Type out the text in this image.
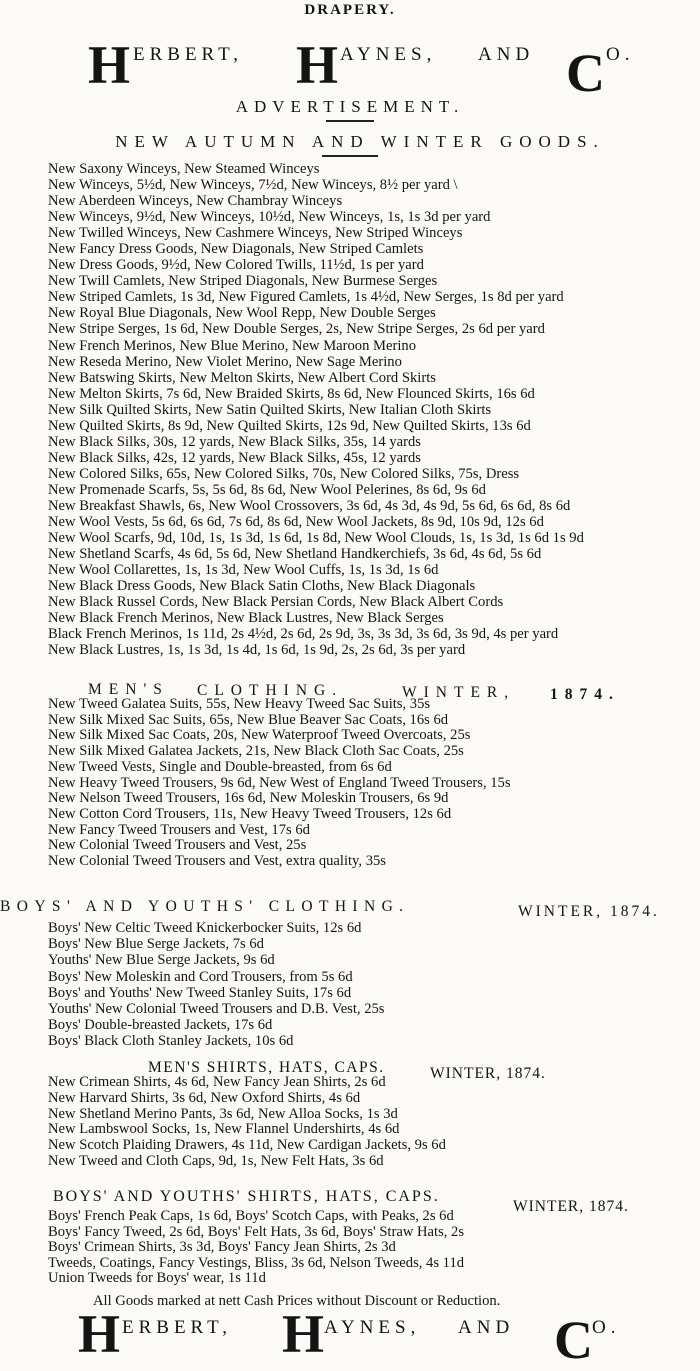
DRAPERY.
H ERBERT, H AYNES, AND C O.
ADVERTISEMENT.
NEW AUTUMN AND WINTER GOODS.
New Saxony Winceys, New Steamed Winceys
New Winceys, 5½d, New Winceys, 7½d, New Winceys, 8½ per yard \
New Aberdeen Winceys, New Chambray Winceys
New Winceys, 9½d, New Winceys, 10½d, New Winceys, 1s, 1s 3d per yard
New Twilled Winceys, New Cashmere Winceys, New Striped Winceys
New Fancy Dress Goods, New Diagonals, New Striped Camlets
New Dress Goods, 9½d, New Colored Twills, 11½d, 1s per yard
New Twill Camlets, New Striped Diagonals, New Burmese Serges
New Striped Camlets, 1s 3d, New Figured Camlets, 1s 4½d, New Serges, 1s 8d per yard
New Royal Blue Diagonals, New Wool Repp, New Double Serges
New Stripe Serges, 1s 6d, New Double Serges, 2s, New Stripe Serges, 2s 6d per yard
New French Merinos, New Blue Merino, New Maroon Merino
New Reseda Merino, New Violet Merino, New Sage Merino
New Batswing Skirts, New Melton Skirts, New Albert Cord Skirts
New Melton Skirts, 7s 6d, New Braided Skirts, 8s 6d, New Flounced Skirts, 16s 6d
New Silk Quilted Skirts, New Satin Quilted Skirts, New Italian Cloth Skirts
New Quilted Skirts, 8s 9d, New Quilted Skirts, 12s 9d, New Quilted Skirts, 13s 6d
New Black Silks, 30s, 12 yards, New Black Silks, 35s, 14 yards
New Black Silks, 42s, 12 yards, New Black Silks, 45s, 12 yards
New Colored Silks, 65s, New Colored Silks, 70s, New Colored Silks, 75s, Dress
New Promenade Scarfs, 5s, 5s 6d, 8s 6d, New Wool Pelerines, 8s 6d, 9s 6d
New Breakfast Shawls, 6s, New Wool Crossovers, 3s 6d, 4s 3d, 4s 9d, 5s 6d, 6s 6d, 8s 6d
New Wool Vests, 5s 6d, 6s 6d, 7s 6d, 8s 6d, New Wool Jackets, 8s 9d, 10s 9d, 12s 6d
New Wool Scarfs, 9d, 10d, 1s, 1s 3d, 1s 6d, 1s 8d, New Wool Clouds, 1s, 1s 3d, 1s 6d 1s 9d
New Shetland Scarfs, 4s 6d, 5s 6d, New Shetland Handkerchiefs, 3s 6d, 4s 6d, 5s 6d
New Wool Collarettes, 1s, 1s 3d, New Wool Cuffs, 1s, 1s 3d, 1s 6d
New Black Dress Goods, New Black Satin Cloths, New Black Diagonals
New Black Russel Cords, New Black Persian Cords, New Black Albert Cords
New Black French Merinos, New Black Lustres, New Black Serges
Black French Merinos, 1s 11d, 2s 4½d, 2s 6d, 2s 9d, 3s, 3s 3d, 3s 6d, 3s 9d, 4s per yard
New Black Lustres, 1s, 1s 3d, 1s 4d, 1s 6d, 1s 9d, 2s, 2s 6d, 3s per yard
MEN'S CLOTHING.	WINTER, 1874.
New Tweed Galatea Suits, 55s, New Heavy Tweed Sac Suits, 35s
New Silk Mixed Sac Suits, 65s, New Blue Beaver Sac Coats, 16s 6d
New Silk Mixed Sac Coats, 20s, New Waterproof Tweed Overcoats, 25s
New Silk Mixed Galatea Jackets, 21s, New Black Cloth Sac Coats, 25s
New Tweed Vests, Single and Double-breasted, from 6s 6d
New Heavy Tweed Trousers, 9s 6d, New West of England Tweed Trousers, 15s
New Nelson Tweed Trousers, 16s 6d, New Moleskin Trousers, 6s 9d
New Cotton Cord Trousers, 11s, New Heavy Tweed Trousers, 12s 6d
New Fancy Tweed Trousers and Vest, 17s 6d
New Colonial Tweed Trousers and Vest, 25s
New Colonial Tweed Trousers and Vest, extra quality, 35s
BOYS' AND YOUTHS' CLOTHING.	WINTER, 1874.
Boys' New Celtic Tweed Knickerbocker Suits, 12s 6d
Boys' New Blue Serge Jackets, 7s 6d
Youths' New Blue Serge Jackets, 9s 6d
Boys' New Moleskin and Cord Trousers, from 5s 6d
Boys' and Youths' New Tweed Stanley Suits, 17s 6d
Youths' New Colonial Tweed Trousers and D.B. Vest, 25s
Boys' Double-breasted Jackets, 17s 6d
Boys' Black Cloth Stanley Jackets, 10s 6d
MEN'S SHIRTS, HATS, CAPS.	WINTER, 1874.
New Crimean Shirts, 4s 6d, New Fancy Jean Shirts, 2s 6d
New Harvard Shirts, 3s 6d, New Oxford Shirts, 4s 6d
New Shetland Merino Pants, 3s 6d, New Alloa Socks, 1s 3d
New Lambswool Socks, 1s, New Flannel Undershirts, 4s 6d
New Scotch Plaiding Drawers, 4s 11d, New Cardigan Jackets, 9s 6d
New Tweed and Cloth Caps, 9d, 1s, New Felt Hats, 3s 6d
BOYS' AND YOUTHS' SHIRTS, HATS, CAPS.
WINTER, 1874.
Boys' French Peak Caps, 1s 6d, Boys' Scotch Caps, with Peaks, 2s 6d
Boys' Fancy Tweed, 2s 6d, Boys' Felt Hats, 3s 6d, Boys' Straw Hats, 2s
Boys' Crimean Shirts, 3s 3d, Boys' Fancy Jean Shirts, 2s 3d
Tweeds, Coatings, Fancy Vestings, Bliss, 3s 6d, Nelson Tweeds, 4s 11d
Union Tweeds for Boys' wear, 1s 11d
All Goods marked at nett Cash Prices without Discount or Reduction.
H ERBERT, H AYNES, AND C O.
